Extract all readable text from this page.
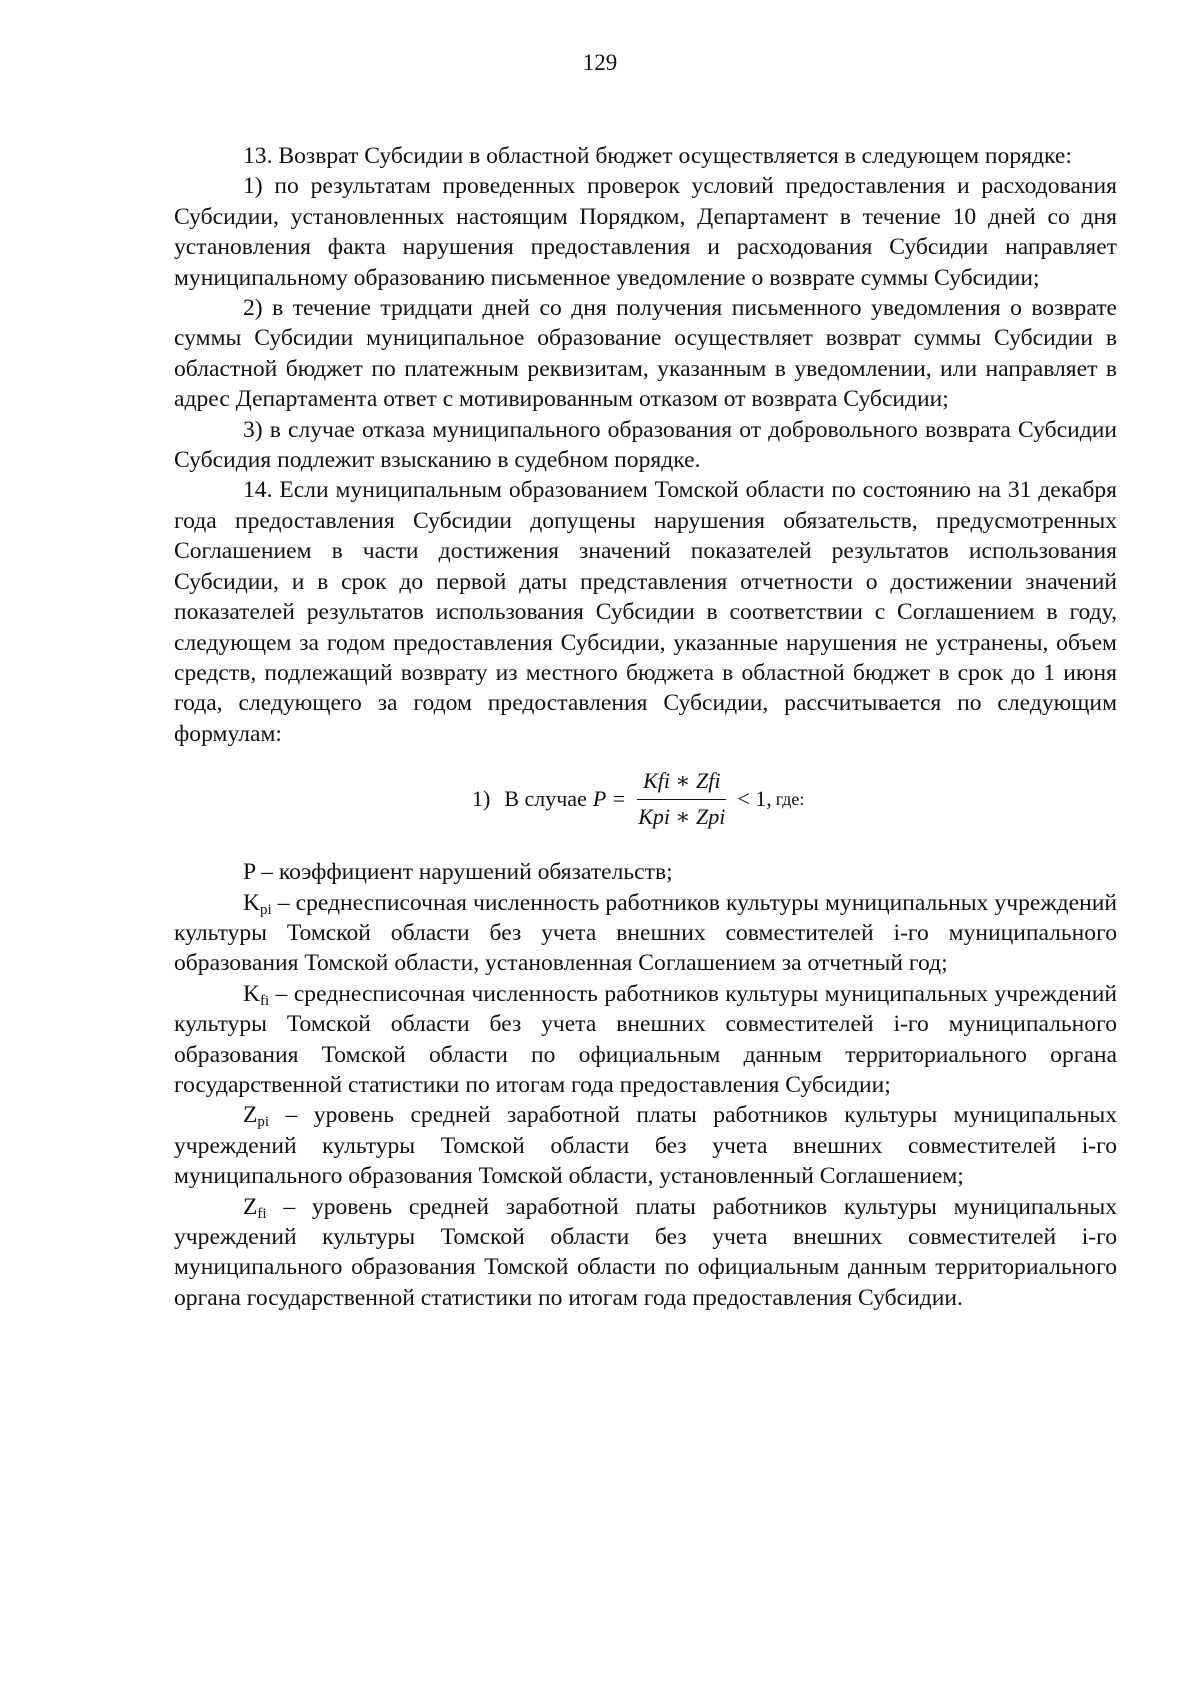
129

13. Возврат Субсидии в областной бюджет осуществляется в следующем порядке:

1) по результатам проведенных проверок условий предоставления и расходования Субсидии, установленных настоящим Порядком, Департамент в течение 10 дней со дня установления факта нарушения предоставления и расходования Субсидии направляет муниципальному образованию письменное уведомление о возврате суммы Субсидии;

2) в течение тридцати дней со дня получения письменного уведомления о возврате суммы Субсидии муниципальное образование осуществляет возврат суммы Субсидии в областной бюджет по платежным реквизитам, указанным в уведомлении, или направляет в адрес Департамента ответ с мотивированным отказом от возврата Субсидии;

3) в случае отказа муниципального образования от добровольного возврата Субсидии Субсидия подлежит взысканию в судебном порядке.

14. Если муниципальным образованием Томской области по состоянию на 31 декабря года предоставления Субсидии допущены нарушения обязательств, предусмотренных Соглашением в части достижения значений показателей результатов использования Субсидии, и в срок до первой даты представления отчетности о достижении значений показателей результатов использования Субсидии в соответствии с Соглашением в году, следующем за годом предоставления Субсидии, указанные нарушения не устранены, объем средств, подлежащий возврату из местного бюджета в областной бюджет в срок до 1 июня года, следующего за годом предоставления Субсидии, рассчитывается по следующим формулам:

1) В случае $P = \frac{\text{Kfi ∗ Zfi}}{\text{Kpi ∗ Zpi}} < 1$, где:

P – коэффициент нарушений обязательств;

$K_{pi}$ – среднесписочная численность работников культуры муниципальных учреждений культуры Томской области без учета внешних совместителей i-го муниципального образования Томской области, установленная Соглашением за отчетный год;

$K_{fi}$ – среднесписочная численность работников культуры муниципальных учреждений культуры Томской области без учета внешних совместителей i-го муниципального образования Томской области по официальным данным территориального органа государственной статистики по итогам года предоставления Субсидии;

$Z_{pi}$ – уровень средней заработной платы работников культуры муниципальных учреждений культуры Томской области без учета внешних совместителей i-го муниципального образования Томской области, установленный Соглашением;

$Z_{fi}$ – уровень средней заработной платы работников культуры муниципальных учреждений культуры Томской области без учета внешних совместителей i-го муниципального образования Томской области по официальным данным территориального органа государственной статистики по итогам года предоставления Субсидии.
